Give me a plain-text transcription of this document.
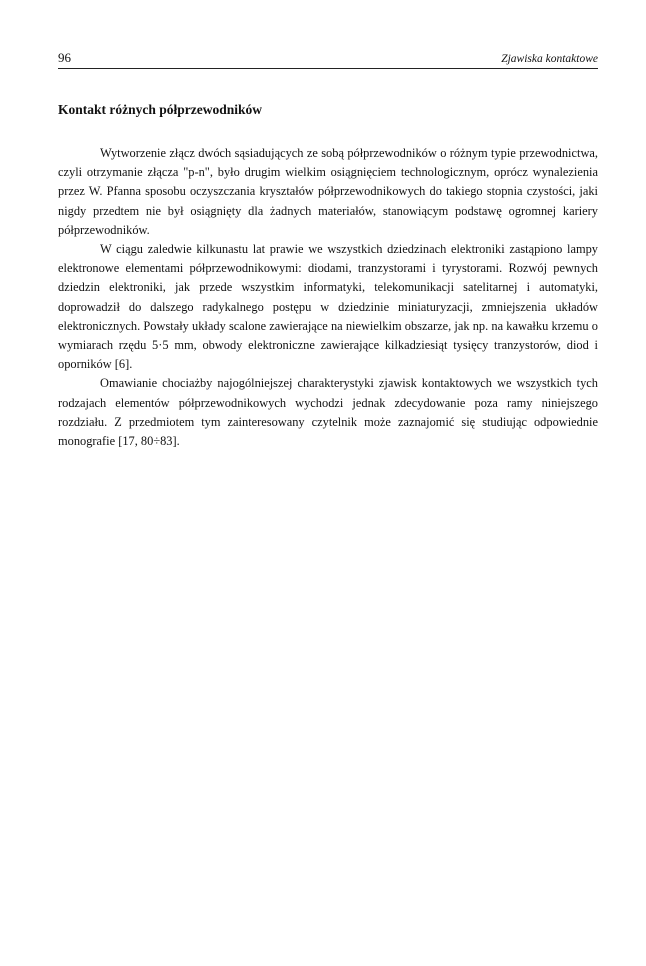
96	Zjawiska kontaktowe
Kontakt różnych półprzewodników

Wytworzenie złącz dwóch sąsiadujących ze sobą półprzewodników o różnym typie przewodnictwa, czyli otrzymanie złącza "p-n", było drugim wielkim osiągnięciem technologicznym, oprócz wynalezienia przez W. Pfanna sposobu oczyszczania kryształów półprzewodnikowych do takiego stopnia czystości, jaki nigdy przedtem nie był osiągnięty dla żadnych materiałów, stanowiącym podstawę ogromnej kariery półprzewodników.

W ciągu zaledwie kilkunastu lat prawie we wszystkich dziedzinach elektroniki zastąpiono lampy elektronowe elementami półprzewodnikowymi: diodami, tranzystorami i tyrystorami. Rozwój pewnych dziedzin elektroniki, jak przede wszystkim informatyki, telekomunikacji satelitarnej i automatyki, doprowadził do dalszego radykalnego postępu w dziedzinie miniaturyzacji, zmniejszenia układów elektronicznych. Powstały układy scalone zawierające na niewielkim obszarze, jak np. na kawałku krzemu o wymiarach rzędu 5·5 mm, obwody elektroniczne zawierające kilkadziesiąt tysięcy tranzystorów, diod i oporników [6].

Omawianie chociażby najogólniejszej charakterystyki zjawisk kontaktowych we wszystkich tych rodzajach elementów półprzewodnikowych wychodzi jednak zdecydowanie poza ramy niniejszego rozdziału. Z przedmiotem tym zainteresowany czytelnik może zaznajomić się studiując odpowiednie monografie [17, 80÷83].
